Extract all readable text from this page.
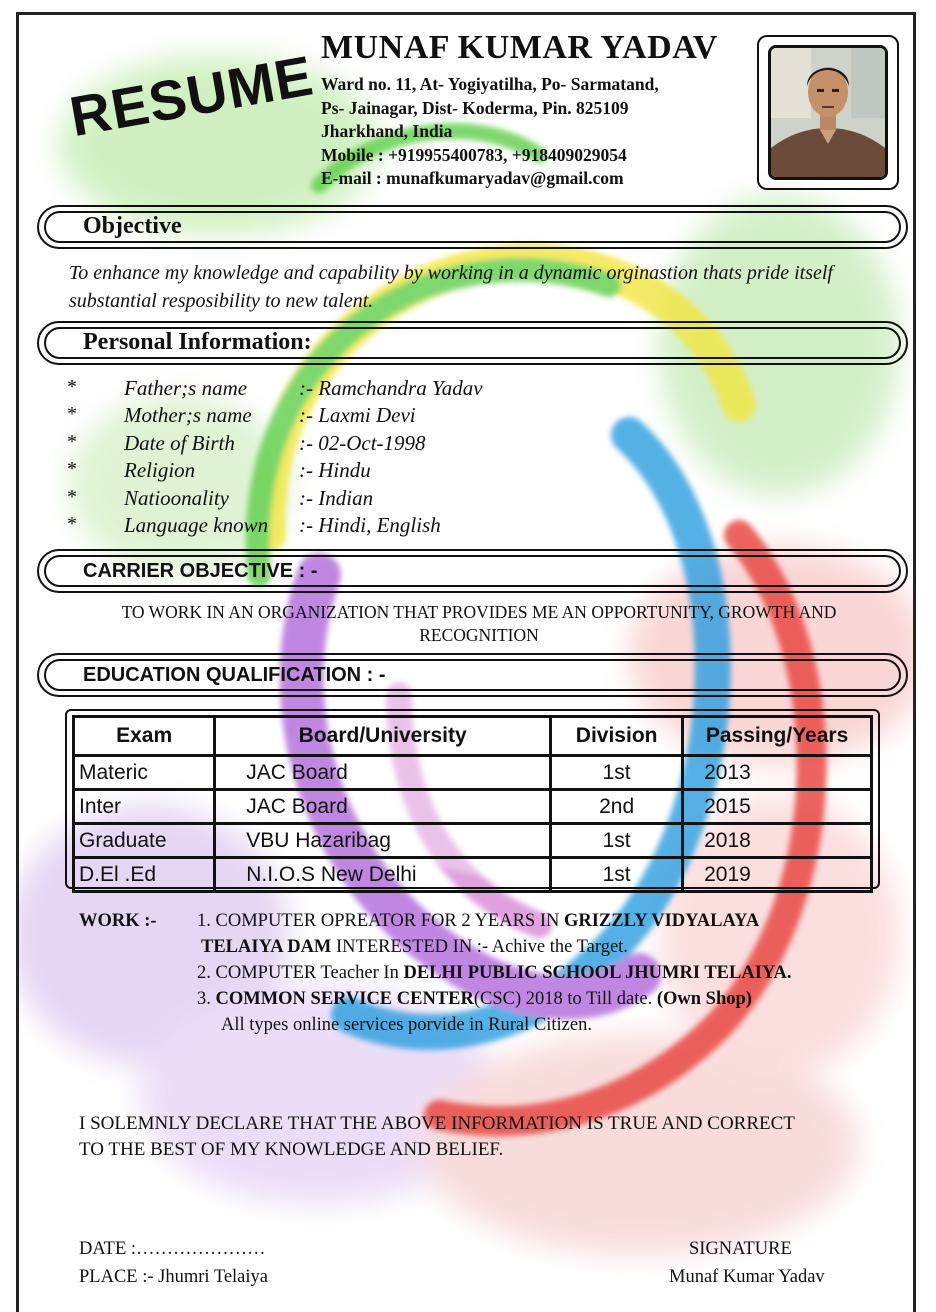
RESUME MUNAF KUMAR YADAV
Ward no. 11, At- Yogiyatilha, Po- Sarmatand,
Ps- Jainagar, Dist- Koderma, Pin. 825109
Jharkhand, India
Mobile : +919955400783, +918409029054
E-mail : munafkumaryadav@gmail.com
Objective
To enhance my knowledge and capability by working in a dynamic orginastion thats pride itself substantial resposibility to new talent.
Personal Information:
* Father;s name :- Ramchandra Yadav
* Mother;s name :- Laxmi Devi
* Date of Birth	:- 02-Oct-1998
* Religion	:- Hindu
* Natioonality	:- Indian
* Language known :- Hindi, English
CARRIER OBJECTIVE : -
TO WORK IN AN ORGANIZATION THAT PROVIDES ME AN OPPORTUNITY, GROWTH AND RECOGNITION
EDUCATION QUALIFICATION : -
Exam	Board/University	Division	Passing/Years
Materic	JAC Board	1st	2013
Inter	JAC Board	2nd	2015
Graduate	VBU Hazaribag	1st	2018
D.El .Ed	N.I.O.S New Delhi	1st	2019
WORK :- 1. COMPUTER OPREATOR FOR 2 YEARS IN GRIZZLY VIDYALAYA
TELAIYA DAM INTERESTED IN :- Achive the Target.
2. COMPUTER Teacher In DELHI PUBLIC SCHOOL JHUMRI TELAIYA.
3. COMMON SERVICE CENTER(CSC) 2018 to Till date. (Own Shop)
All types online services porvide in Rural Citizen.
I SOLEMNLY DECLARE THAT THE ABOVE INFORMATION IS TRUE AND CORRECT
TO THE BEST OF MY KNOWLEDGE AND BELIEF.
DATE :…………………
PLACE :- Jhumri Telaiya
SIGNATURE
Munaf Kumar Yadav
